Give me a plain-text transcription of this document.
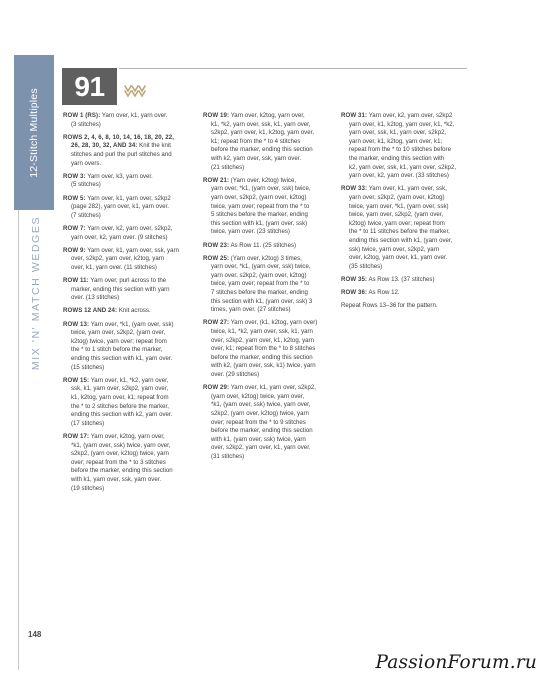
12-Stitch Multiples
MIX 'N' MATCH WEDGES
148
91
ROW 1 (RS): Yarn over, k1, yarn over.
(3 stitches)
ROWS 2, 4, 6, 8, 10, 14, 16, 18, 20, 22,
26, 28, 30, 32, AND 34: Knit the knit
stitches and purl the purl stitches and
yarn overs.
ROW 3: Yarn over, k3, yarn over.
(5 stitches)
ROW 5: Yarn over, k1, yarn over, s2kp2
(page 282), yarn over, k1, yarn over.
(7 stitches)
ROW 7: Yarn over, k2, yarn over, s2kp2,
yarn over, k2, yarn over. (9 stitches)
ROW 9: Yarn over, k1, yarn over, ssk, yarn
over, s2kp2, yarn over, k2tog, yarn
over, k1, yarn over. (11 stitches)
ROW 11: Yarn over, purl across to the
marker, ending this section with yarn
over. (13 stitches)
ROWS 12 AND 24: Knit across.
ROW 13: Yarn over, *k1, (yarn over, ssk)
twice, yarn over, s2kp2, (yarn over,
k2tog) twice, yarn over; repeat from
the * to 1 stitch before the marker,
ending this section with k1, yarn over.
(15 stitches)
ROW 15: Yarn over, k1, *k2, yarn over,
ssk, k1, yarn over, s2kp2, yarn over,
k1, k2tog, yarn over, k1; repeat from
the * to 2 stitches before the marker,
ending this section with k2, yarn over.
(17 stitches)
ROW 17: Yarn over, k2tog, yarn over,
*k1, (yarn over, ssk) twice, yarn over,
s2kp2, (yarn over, k2tog) twice, yarn
over; repeat from the * to 3 stitches
before the marker, ending this section
with k1, yarn over, ssk, yarn over.
(19 stitches)
ROW 19: Yarn over, k2tog, yarn over,
k1, *k2, yarn over, ssk, k1, yarn over,
s2kp2, yarn over, k1, k2tog, yarn over,
k1; repeat from the * to 4 stitches
before the marker, ending this section
with k2, yarn over, ssk, yarn over.
(21 stitches)
ROW 21: (Yarn over, k2tog) twice,
yarn over, *k1, (yarn over, ssk) twice,
yarn over, s2kp2, (yarn over, k2tog)
twice, yarn over; repeat from the * to
5 stitches before the marker, ending
this section with k1, (yarn over, ssk)
twice, yarn over. (23 stitches)
ROW 23: As Row 11. (25 stitches)
ROW 25: (Yarn over, k2tog) 3 times,
yarn over, *k1, (yarn over, ssk) twice,
yarn over, s2kp2, (yarn over, k2tog)
twice, yarn over; repeat from the * to
7 stitches before the marker, ending
this section with k1, (yarn over, ssk) 3
times, yarn over. (27 stitches)
ROW 27: Yarn over, (k1, k2tog, yarn over)
twice, k1, *k2, yarn over, ssk, k1, yarn
over, s2kp2, yarn over, k1, k2tog, yarn
over, k1; repeat from the * to 8 stitches
before the marker, ending this section
with k2, (yarn over, ssk, k1) twice, yarn
over. (29 stitches)
ROW 29: Yarn over, k1, yarn over, s2kp2,
(yarn over, k2tog) twice, yarn over,
*k1, (yarn over, ssk) twice, yarn over,
s2kp2, (yarn over, k2tog) twice, yarn
over; repeat from the * to 9 stitches
before the marker, ending this section
with k1, (yarn over, ssk) twice, yarn
over, s2kp2, yarn over, k1, yarn over.
(31 stitches)
ROW 31: Yarn over, k2, yarn over, s2kp2
yarn over, k1, k2tog, yarn over, k1, *k2,
yarn over, ssk, k1, yarn over, s2kp2,
yarn over, k1, k2tog, yarn over, k1;
repeat from the * to 10 stitches before
the marker, ending this section with
k2, yarn over, ssk, k1, yarn over, s2kp2,
yarn over, k2, yarn over. (33 stitches)
ROW 33: Yarn over, k1, yarn over, ssk,
yarn over, s2kp2, (yarn over, k2tog)
twice, yarn over, *k1, (yarn over, ssk)
twice, yarn over, s2kp2, (yarn over,
k2tog) twice, yarn over; repeat from
the * to 11 stitches before the marker,
ending this section with k1, (yarn over,
ssk) twice, yarn over, s2kp2, yarn
over, k2tog, yarn over, k1, yarn over.
(35 stitches)
ROW 35: As Row 13. (37 stitches)
ROW 36: As Row 12.
Repeat Rows 13–36 for the pattern.
PassionForum.ru
